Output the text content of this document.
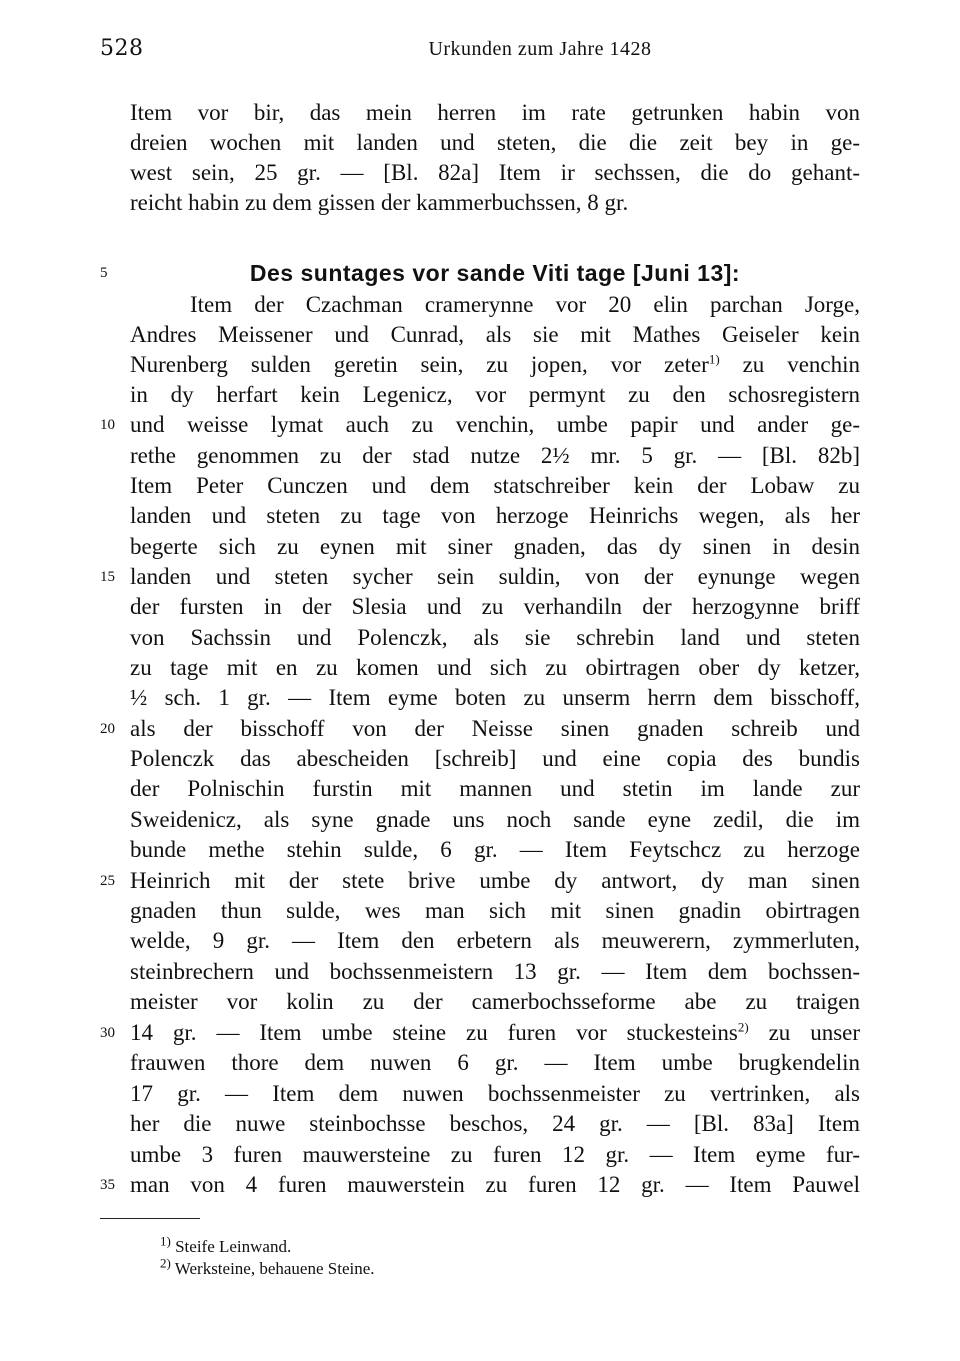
528	Urkunden zum Jahre 1428
Item vor bir, das mein herren im rate getrunken habin von
dreien wochen mit landen und steten, die die zeit bey in ge-
west sein, 25 gr. — [Bl. 82a] Item ir sechssen, die do gehant-
reicht habin zu dem gissen der kammerbuchssen, 8 gr.
5	Des suntages vor sande Viti tage [Juni 13]:
Item der Czachman cramerynne vor 20 elin parchan Jorge,
Andres Meissener und Cunrad, als sie mit Mathes Geiseler kein
Nurenberg sulden geretin sein, zu jopen, vor zeter$^{1)}$ zu venchin
in dy herfart kein Legenicz, vor permynt zu den schosregistern
10 und weisse lymat auch zu venchin, umbe papir und ander ge-
rethe genommen zu der stad nutze 2½ mr. 5 gr. — [Bl. 82b]
Item Peter Cunczen und dem statschreiber kein der Lobaw zu
landen und steten zu tage von herzoge Heinrichs wegen, als her
begerte sich zu eynen mit siner gnaden, das dy sinen in desin
15 landen und steten sycher sein suldin, von der eynunge wegen
der fursten in der Slesia und zu verhandiln der herzogynne briff
von Sachssin und Polenczk, als sie schrebin land und steten
zu tage mit en zu komen und sich zu obirtragen ober dy ketzer,
½ sch. 1 gr. — Item eyme boten zu unserm herrn dem bisschoff,
20 als der bisschoff von der Neisse sinen gnaden schreib und
Polenczk das abescheiden [schreib] und eine copia des bundis
der Polnischin furstin mit mannen und stetin im lande zur
Sweidenicz, als syne gnade uns noch sande eyne zedil, die im
bunde methe stehin sulde, 6 gr. — Item Feytschcz zu herzoge
25 Heinrich mit der stete brive umbe dy antwort, dy man sinen
gnaden thun sulde, wes man sich mit sinen gnadin obirtragen
welde, 9 gr. — Item den erbetern als meuwerern, zymmerluten,
steinbrechern und bochssenmeistern 13 gr. — Item dem bochssen-
meister vor kolin zu der camerbochsseforme abe zu traigen
30 14 gr. — Item umbe steine zu furen vor stuckesteins$^{2)}$ zu unser
frauwen thore dem nuwen 6 gr. — Item umbe brugkendelin
17 gr. — Item dem nuwen bochssenmeister zu vertrinken, als
her die nuwe steinbochsse beschos, 24 gr. — [Bl. 83a] Item
umbe 3 furen mauwersteine zu furen 12 gr. — Item eyme fur-
35 man von 4 furen mauwerstein zu furen 12 gr. — Item Pauwel
$^{1)}$ Steife Leinwand.
$^{2)}$ Werksteine, behauene Steine.
